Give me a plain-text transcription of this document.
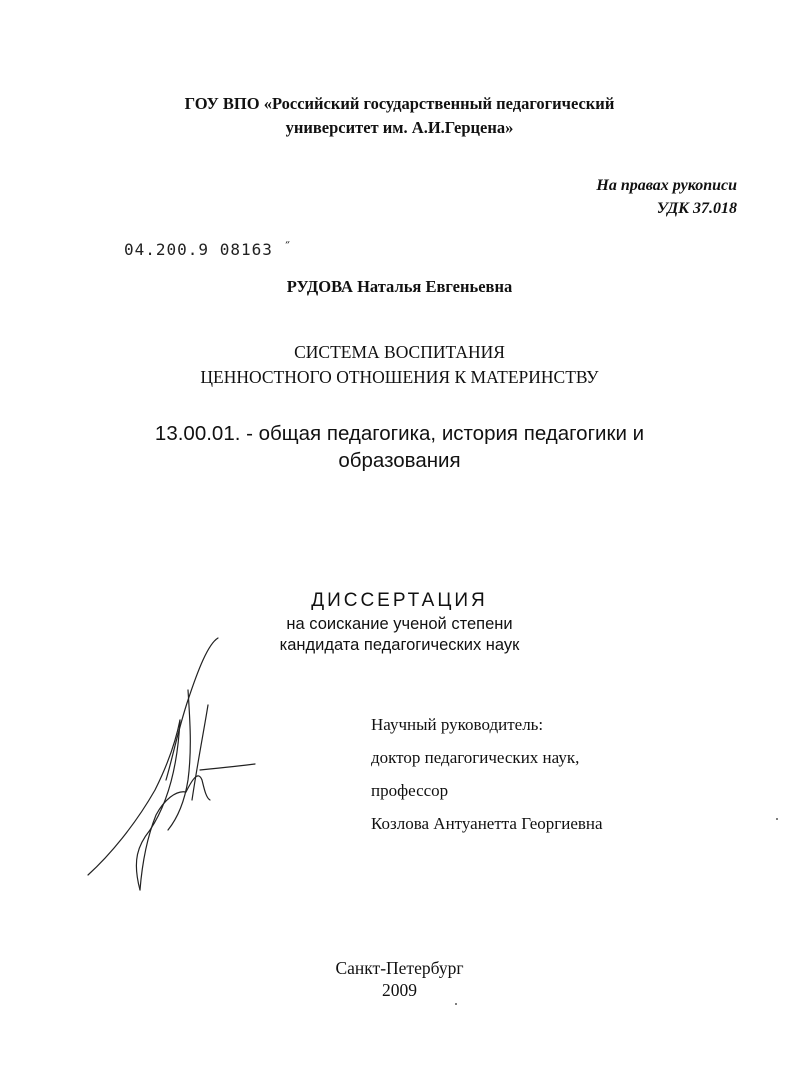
ГОУ ВПО «Российский государственный педагогический
университет им. А.И.Герцена»
На правах рукописи
УДК 37.018
04.200.9 08163 ˝
РУДОВА Наталья Евгеньевна
СИСТЕМА ВОСПИТАНИЯ
ЦЕННОСТНОГО ОТНОШЕНИЯ К МАТЕРИНСТВУ
13.00.01. - общая педагогика, история педагогики и
образования
ДИССЕРТАЦИЯ
на соискание ученой степени
кандидата педагогических наук
Научный руководитель:
доктор педагогических наук,
профессор
Козлова Антуанетта Георгиевна
Санкт-Петербург
2009
